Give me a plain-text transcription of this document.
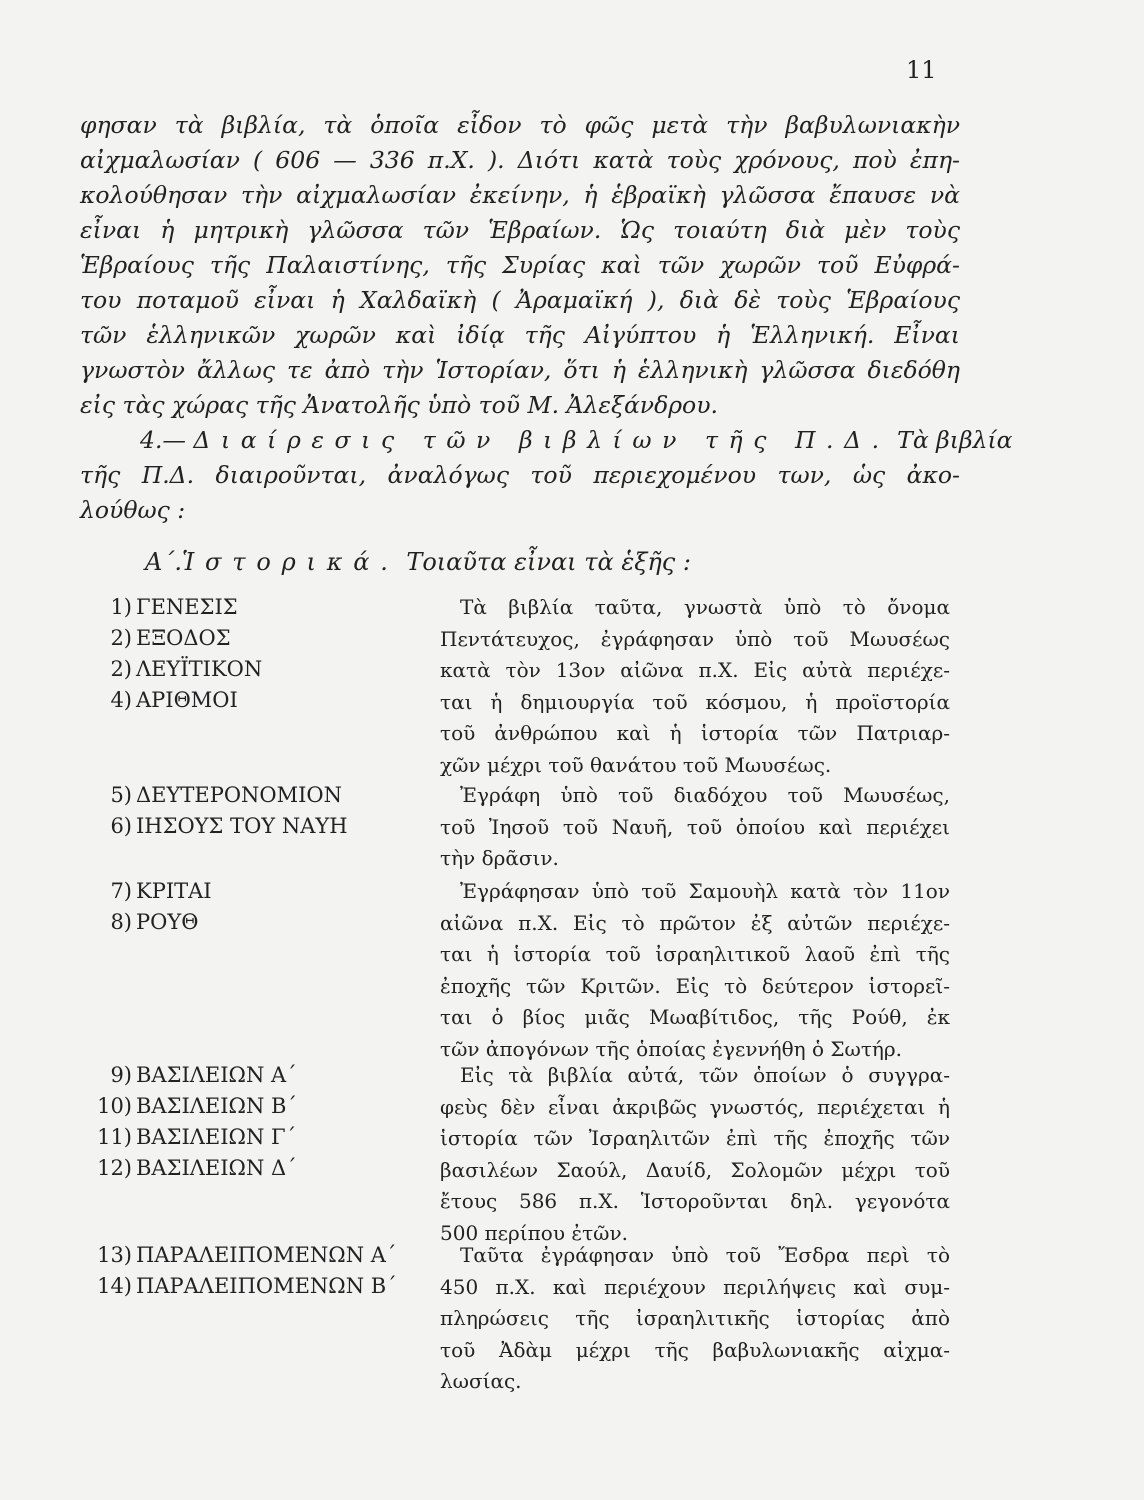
11
φησαν τὰ βιβλία, τὰ ὁποῖα εἶδον τὸ φῶς μετὰ τὴν βαβυλωνιακὴν
αἰχμαλωσίαν ( 606 — 336 π.Χ. ). Διότι κατὰ τοὺς χρόνους, ποὺ ἐπη-
κολούθησαν τὴν αἰχμαλωσίαν ἐκείνην, ἡ ἑβραϊκὴ γλῶσσα ἔπαυσε νὰ
εἶναι ἡ μητρικὴ γλῶσσα τῶν Ἑβραίων. Ὡς τοιαύτη διὰ μὲν τοὺς
Ἑβραίους τῆς Παλαιστίνης, τῆς Συρίας καὶ τῶν χωρῶν τοῦ Εὐφρά-
του ποταμοῦ εἶναι ἡ Χαλδαϊκὴ ( Ἀραμαϊκή ), διὰ δὲ τοὺς Ἑβραίους
τῶν ἑλληνικῶν χωρῶν καὶ ἰδίᾳ τῆς Αἰγύπτου ἡ Ἑλληνική. Εἶναι
γνωστὸν ἄλλως τε ἀπὸ τὴν Ἱστορίαν, ὅτι ἡ ἑλληνικὴ γλῶσσα διεδόθη
εἰς τὰς χώρας τῆς Ἀνατολῆς ὑπὸ τοῦ Μ. Ἀλεξάνδρου.
4.— Διαίρεσις τῶν βιβλίων τῆς Π.Δ. Τὰ βιβλία
τῆς Π.Δ. διαιροῦνται, ἀναλόγως τοῦ περιεχομένου των, ὡς ἀκο-
λούθως :
Α΄.Ἱστορικά. Τοιαῦτα εἶναι τὰ ἑξῆς :
1) ΓΕΝΕΣΙΣ
2) ΕΞΟΔΟΣ
2) ΛΕΥΪΤΙΚΟΝ
4) ΑΡΙΘΜΟΙ
Τὰ βιβλία ταῦτα, γνωστὰ ὑπὸ τὸ ὄνομα
Πεντάτευχος, ἐγράφησαν ὑπὸ τοῦ Μωυσέως
κατὰ τὸν 13ον αἰῶνα π.Χ. Εἰς αὐτὰ περιέχε-
ται ἡ δημιουργία τοῦ κόσμου, ἡ προϊστορία
τοῦ ἀνθρώπου καὶ ἡ ἱστορία τῶν Πατριαρ-
χῶν μέχρι τοῦ θανάτου τοῦ Μωυσέως.
5) ΔΕΥΤΕΡΟΝΟΜΙΟΝ
6) ΙΗΣΟΥΣ ΤΟΥ ΝΑΥΗ
Ἐγράφη ὑπὸ τοῦ διαδόχου τοῦ Μωυσέως,
τοῦ Ἰησοῦ τοῦ Ναυῆ, τοῦ ὁποίου καὶ περιέχει
τὴν δρᾶσιν.
7) ΚΡΙΤΑΙ
8) ΡΟΥΘ
Ἐγράφησαν ὑπὸ τοῦ Σαμουὴλ κατὰ τὸν 11ον
αἰῶνα π.Χ. Εἰς τὸ πρῶτον ἐξ αὐτῶν περιέχε-
ται ἡ ἱστορία τοῦ ἰσραηλιτικοῦ λαοῦ ἐπὶ τῆς
ἐποχῆς τῶν Κριτῶν. Εἰς τὸ δεύτερον ἱστορεῖ-
ται ὁ βίος μιᾶς Μωαβίτιδος, τῆς Ρούθ, ἐκ
τῶν ἀπογόνων τῆς ὁποίας ἐγεννήθη ὁ Σωτήρ.
9) ΒΑΣΙΛΕΙΩΝ Α΄
10) ΒΑΣΙΛΕΙΩΝ Β΄
11) ΒΑΣΙΛΕΙΩΝ Γ΄
12) ΒΑΣΙΛΕΙΩΝ Δ΄
Εἰς τὰ βιβλία αὐτά, τῶν ὁποίων ὁ συγγρα-
φεὺς δὲν εἶναι ἀκριβῶς γνωστός, περιέχεται ἡ
ἱστορία τῶν Ἰσραηλιτῶν ἐπὶ τῆς ἐποχῆς τῶν
βασιλέων Σαούλ, Δαυίδ, Σολομῶν μέχρι τοῦ
ἔτους 586 π.Χ. Ἱστοροῦνται δηλ. γεγονότα
500 περίπου ἐτῶν.
13) ΠΑΡΑΛΕΙΠΟΜΕΝΩΝ Α΄
14) ΠΑΡΑΛΕΙΠΟΜΕΝΩΝ Β΄
Ταῦτα ἐγράφησαν ὑπὸ τοῦ Ἔσδρα περὶ τὸ
450 π.Χ. καὶ περιέχουν περιλήψεις καὶ συμ-
πληρώσεις τῆς ἰσραηλιτικῆς ἱστορίας ἀπὸ
τοῦ Ἀδὰμ μέχρι τῆς βαβυλωνιακῆς αἰχμα-
λωσίας.
